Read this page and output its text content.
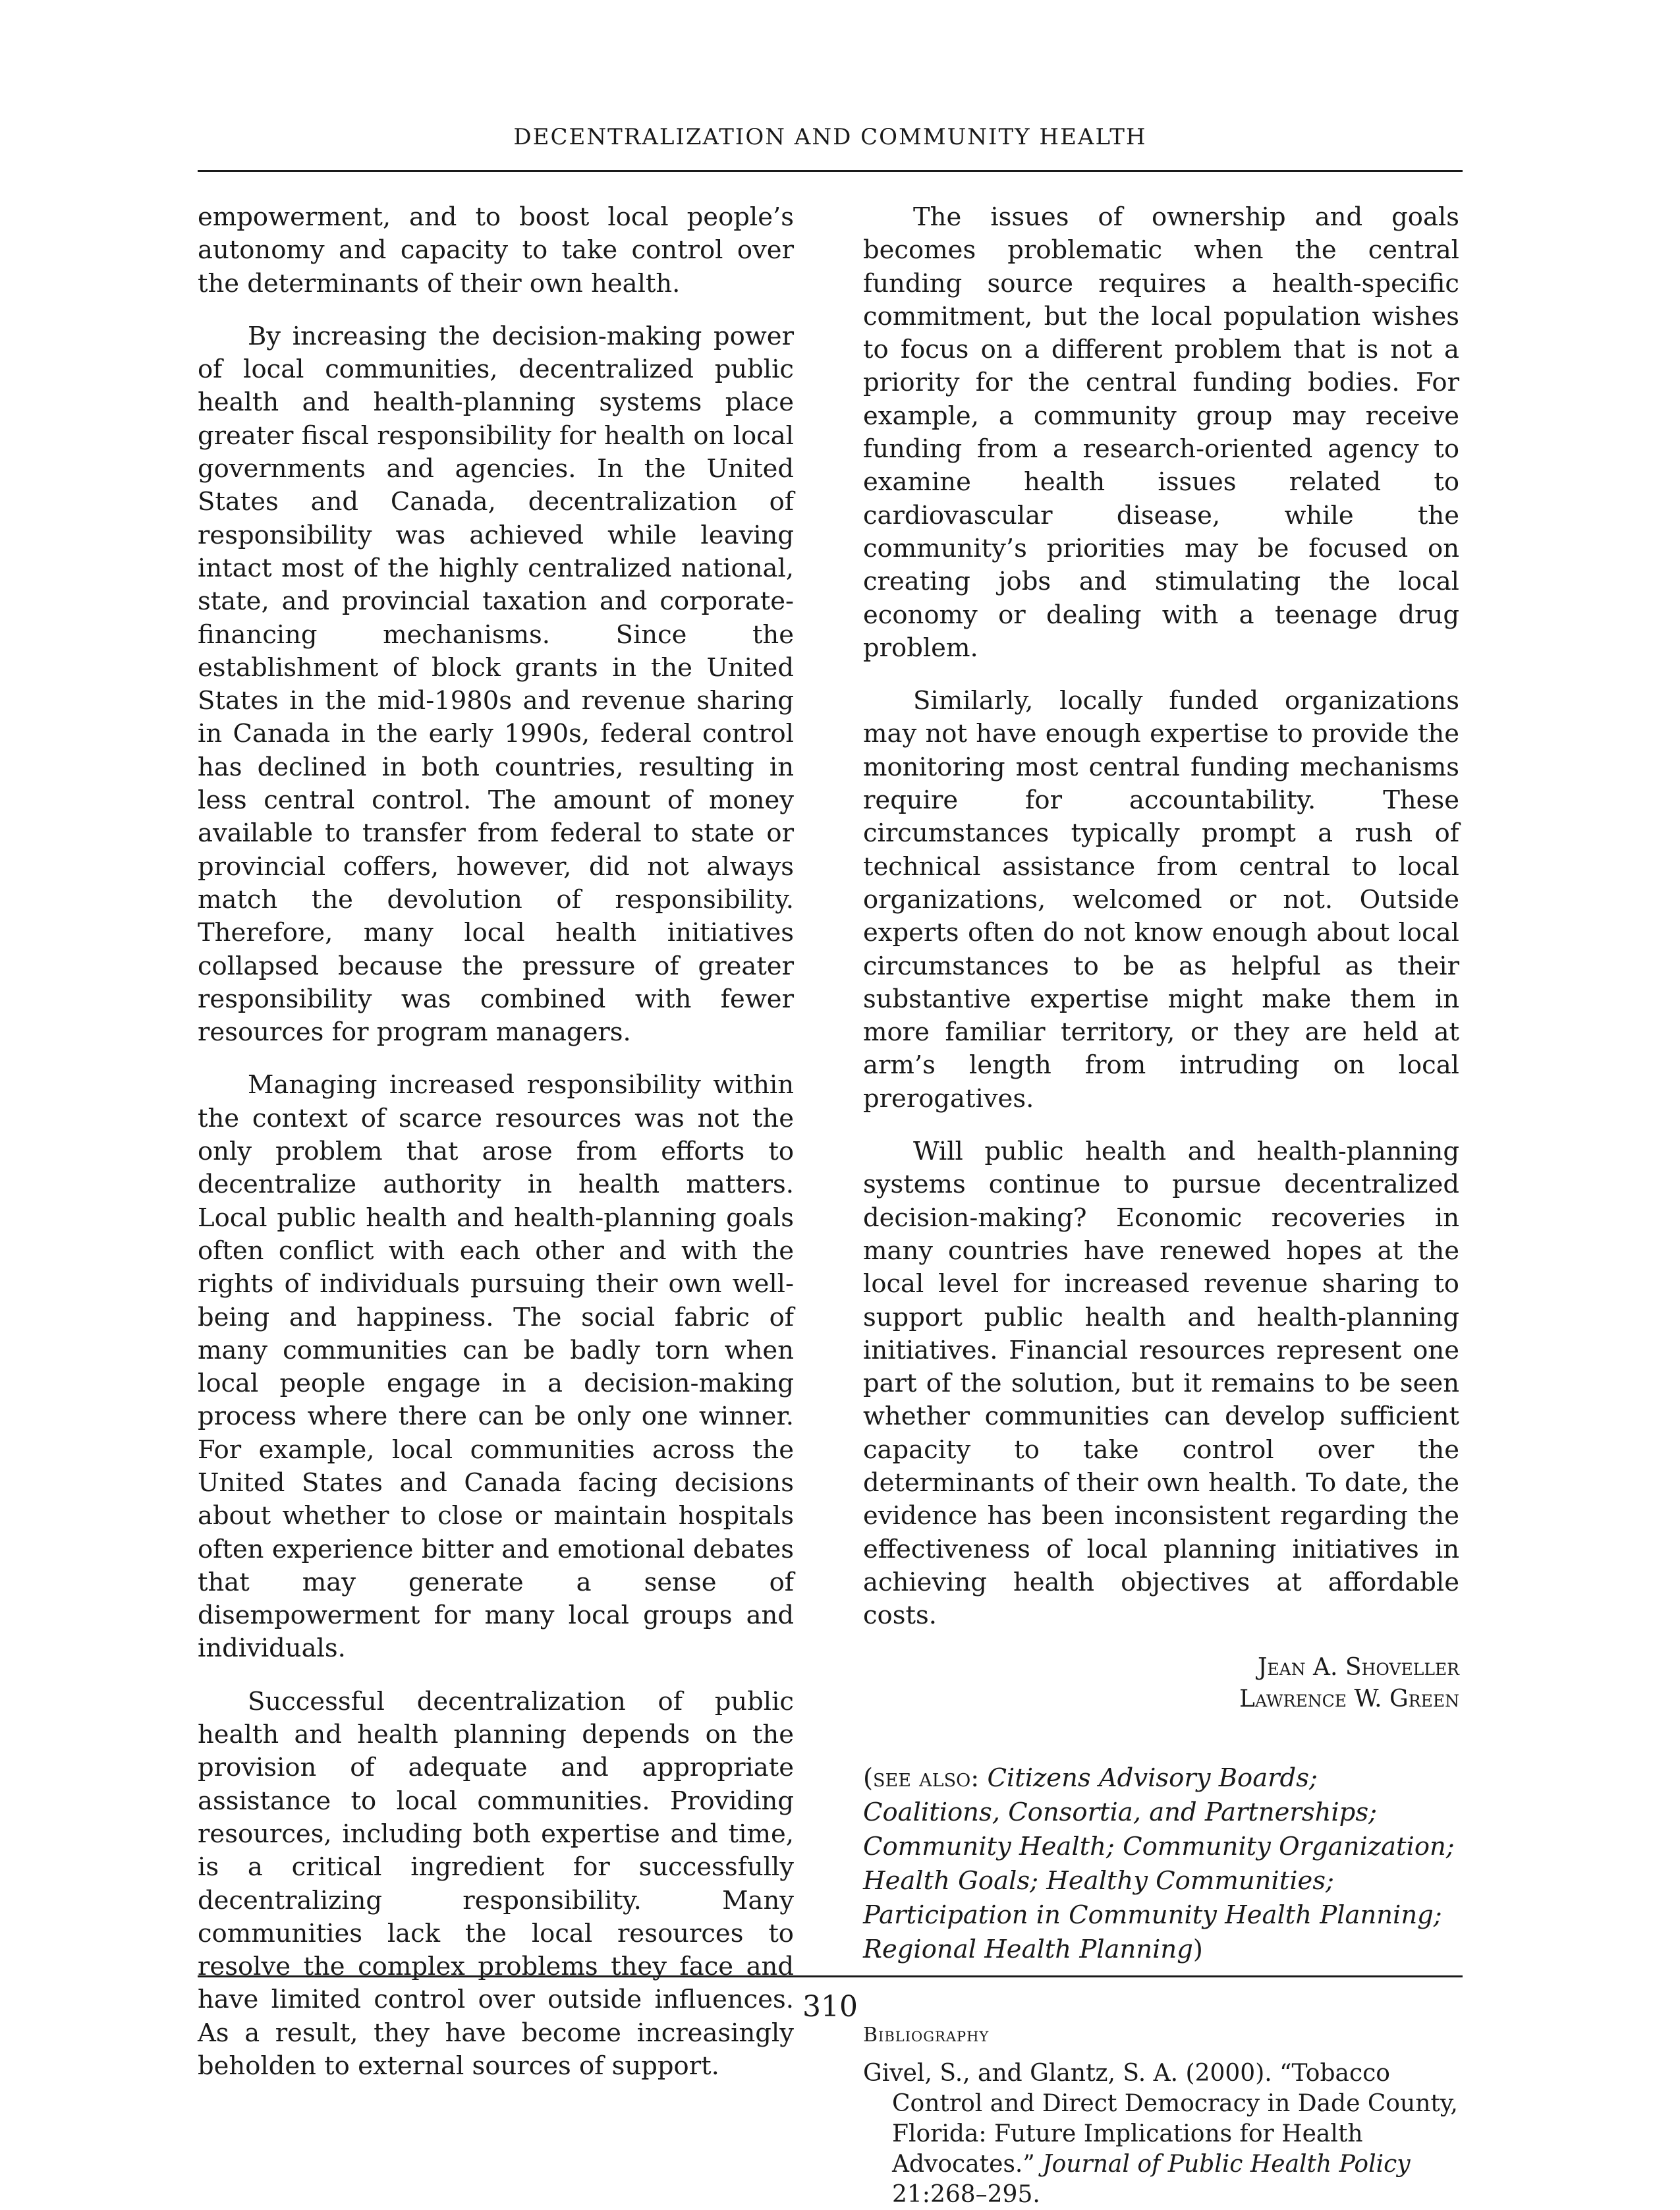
DECENTRALIZATION AND COMMUNITY HEALTH

empowerment, and to boost local people’s autonomy and capacity to take control over the determinants of their own health.

By increasing the decision-making power of local communities, decentralized public health and health-planning systems place greater fiscal responsibility for health on local governments and agencies. In the United States and Canada, decentralization of responsibility was achieved while leaving intact most of the highly centralized national, state, and provincial taxation and corporate-financing mechanisms. Since the establishment of block grants in the United States in the mid-1980s and revenue sharing in Canada in the early 1990s, federal control has declined in both countries, resulting in less central control. The amount of money available to transfer from federal to state or provincial coffers, however, did not always match the devolution of responsibility. Therefore, many local health initiatives collapsed because the pressure of greater responsibility was combined with fewer resources for program managers.

Managing increased responsibility within the context of scarce resources was not the only problem that arose from efforts to decentralize authority in health matters. Local public health and health-planning goals often conflict with each other and with the rights of individuals pursuing their own well-being and happiness. The social fabric of many communities can be badly torn when local people engage in a decision-making process where there can be only one winner. For example, local communities across the United States and Canada facing decisions about whether to close or maintain hospitals often experience bitter and emotional debates that may generate a sense of disempowerment for many local groups and individuals.

Successful decentralization of public health and health planning depends on the provision of adequate and appropriate assistance to local communities. Providing resources, including both expertise and time, is a critical ingredient for successfully decentralizing responsibility. Many communities lack the local resources to resolve the complex problems they face and have limited control over outside influences. As a result, they have become increasingly beholden to external sources of support.

The issues of ownership and goals becomes problematic when the central funding source requires a health-specific commitment, but the local population wishes to focus on a different problem that is not a priority for the central funding bodies. For example, a community group may receive funding from a research-oriented agency to examine health issues related to cardiovascular disease, while the community’s priorities may be focused on creating jobs and stimulating the local economy or dealing with a teenage drug problem.

Similarly, locally funded organizations may not have enough expertise to provide the monitoring most central funding mechanisms require for accountability. These circumstances typically prompt a rush of technical assistance from central to local organizations, welcomed or not. Outside experts often do not know enough about local circumstances to be as helpful as their substantive expertise might make them in more familiar territory, or they are held at arm’s length from intruding on local prerogatives.

Will public health and health-planning systems continue to pursue decentralized decision-making? Economic recoveries in many countries have renewed hopes at the local level for increased revenue sharing to support public health and health-planning initiatives. Financial resources represent one part of the solution, but it remains to be seen whether communities can develop sufficient capacity to take control over the determinants of their own health. To date, the evidence has been inconsistent regarding the effectiveness of local planning initiatives in achieving health objectives at affordable costs.

Jean A. Shoveller
Lawrence W. Green
(see also: Citizens Advisory Boards; Coalitions, Consortia, and Partnerships; Community Health; Community Organization; Health Goals; Healthy Communities; Participation in Community Health Planning; Regional Health Planning)
Bibliography
Givel, S., and Glantz, S. A. (2000). “Tobacco Control and Direct Democracy in Dade County, Florida: Future Implications for Health Advocates.” Journal of Public Health Policy 21:268–295.
310
